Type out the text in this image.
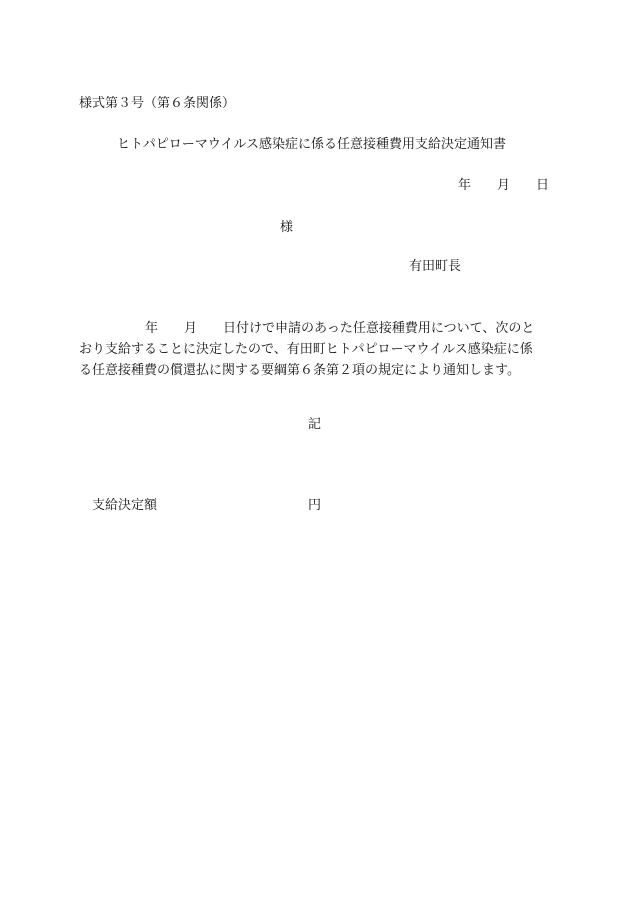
様式第３号（第６条関係）
ヒトパピローマウイルス感染症に係る任意接種費用支給決定通知書
年 月 日
様
有田町長
年 月 日付けで申請のあった任意接種費用について、次のと
おり支給することに決定したので、有田町ヒトパピローマウイルス感染症に係
る任意接種費の償還払に関する要綱第６条第２項の規定により通知します。
記
支給決定額	円
